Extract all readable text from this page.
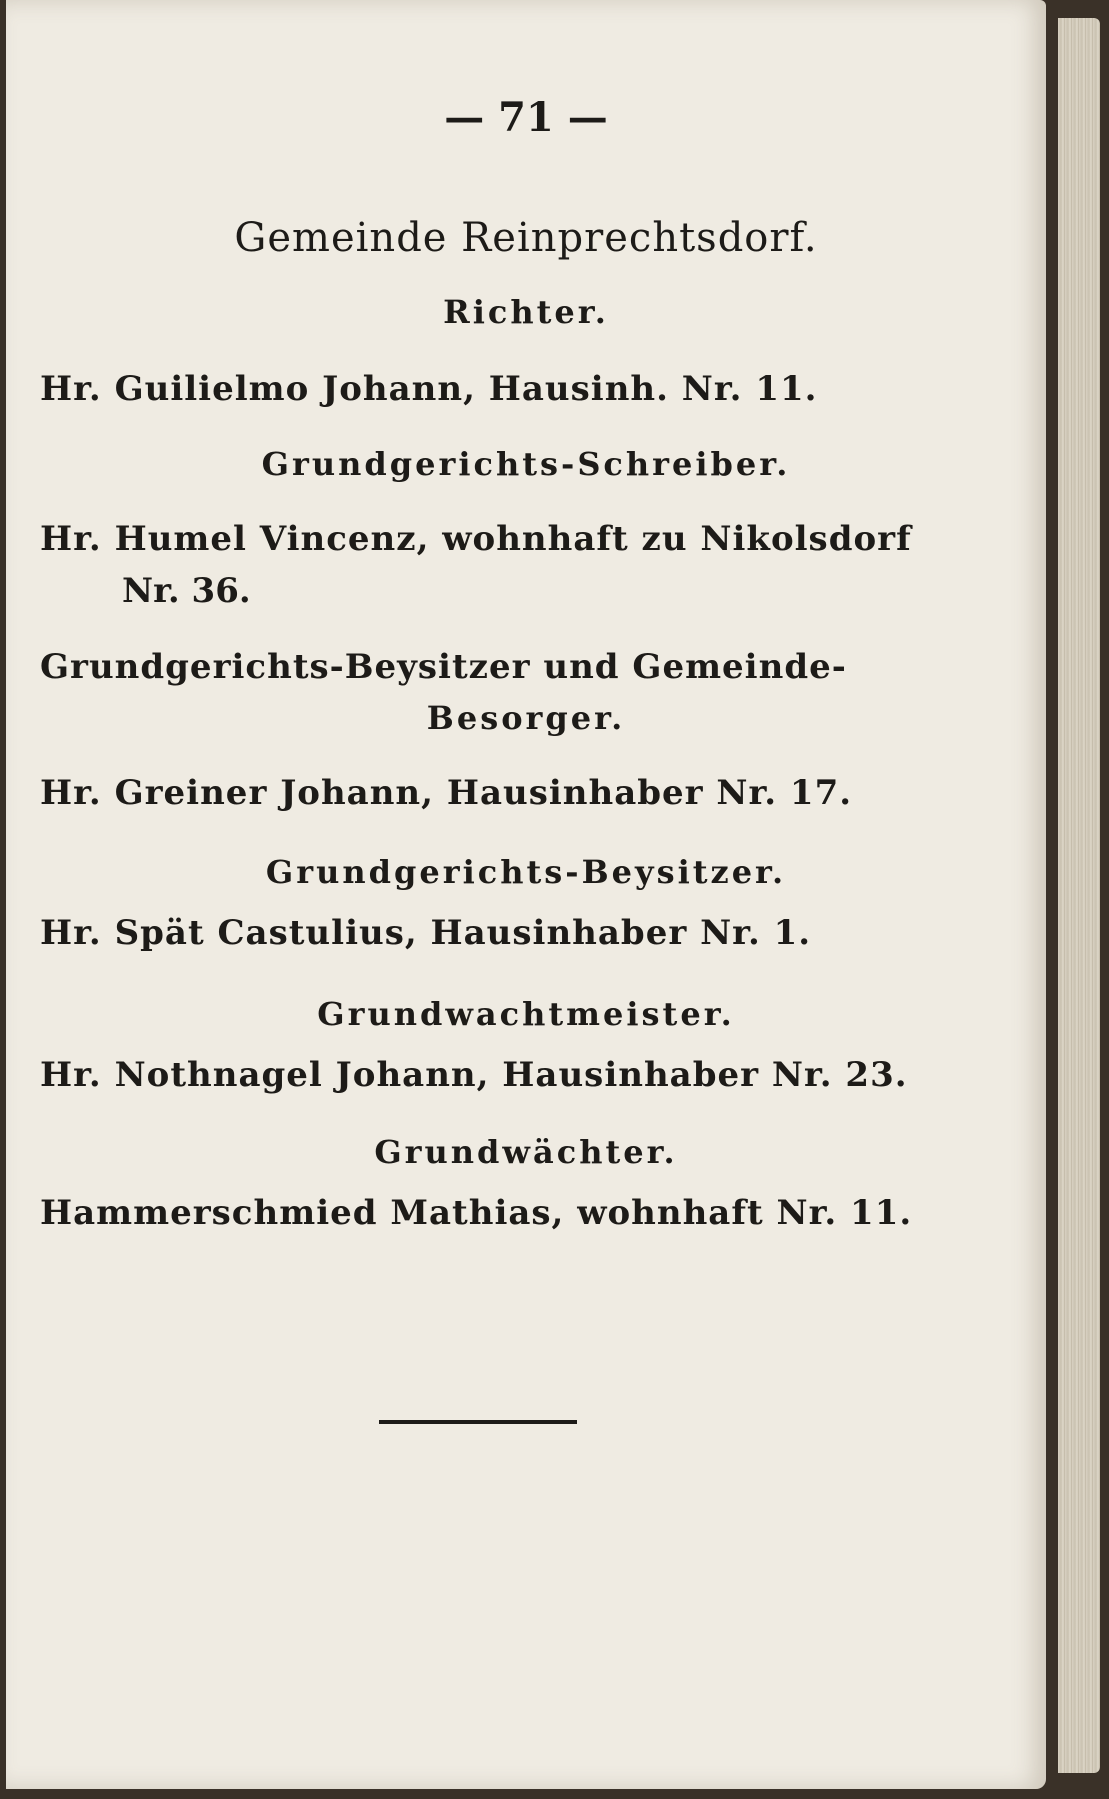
— 71 —
Gemeinde Reinprechtsdorf.
Richter.
Hr. Guilielmo Johann, Hausinh. Nr. 11.
Grundgerichts-Schreiber.
Hr. Humel Vincenz, wohnhaft zu Nikolsdorf
Nr. 36.
Grundgerichts-Beysitzer und Gemeinde-
Besorger.
Hr. Greiner Johann, Hausinhaber Nr. 17.
Grundgerichts-Beysitzer.
Hr. Spät Castulius, Hausinhaber Nr. 1.
Grundwachtmeister.
Hr. Nothnagel Johann, Hausinhaber Nr. 23.
Grundwächter.
Hammerschmied Mathias, wohnhaft Nr. 11.
